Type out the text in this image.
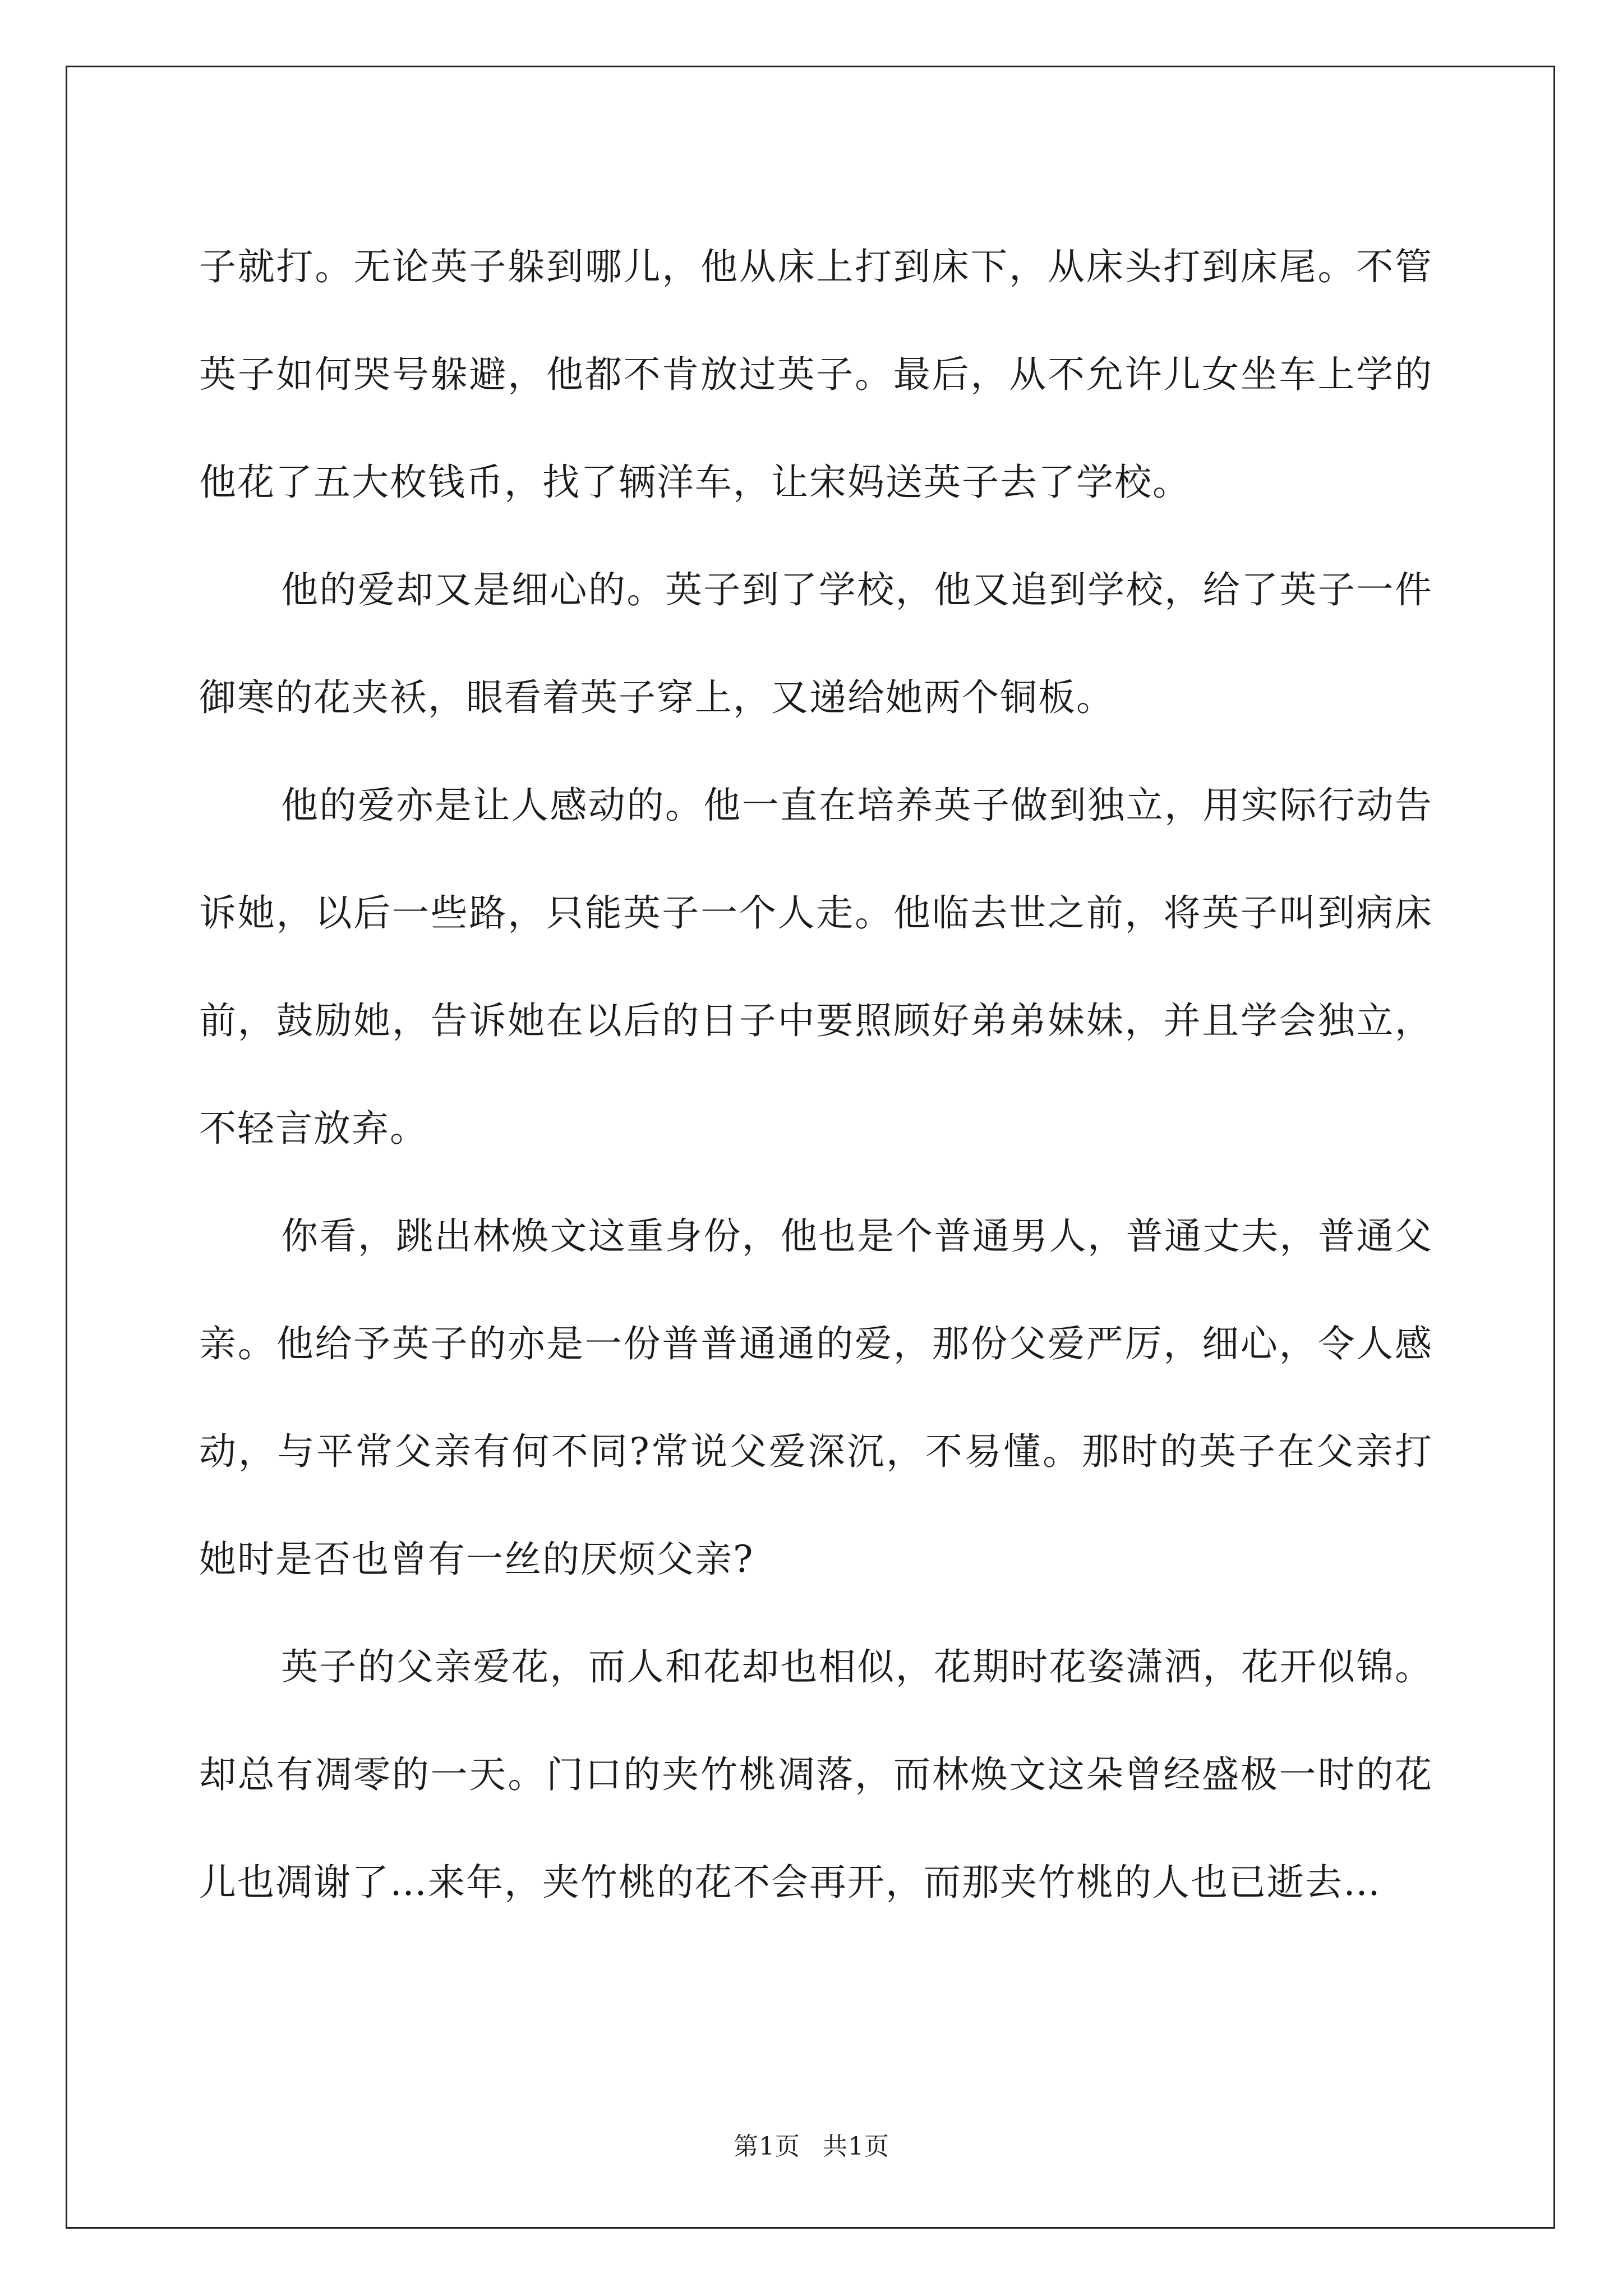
子就打。无论英子躲到哪儿，他从床上打到床下，从床头打到床尾。不管英子如何哭号躲避，他都不肯放过英子。最后，从不允许儿女坐车上学的他花了五大枚钱币，找了辆洋车，让宋妈送英子去了学校。

他的爱却又是细心的。英子到了学校，他又追到学校，给了英子一件御寒的花夹袄，眼看着英子穿上，又递给她两个铜板。

他的爱亦是让人感动的。他一直在培养英子做到独立，用实际行动告诉她，以后一些路，只能英子一个人走。他临去世之前，将英子叫到病床前，鼓励她，告诉她在以后的日子中要照顾好弟弟妹妹，并且学会独立，不轻言放弃。

你看，跳出林焕文这重身份，他也是个普通男人，普通丈夫，普通父亲。他给予英子的亦是一份普普通通的爱，那份父爱严厉，细心，令人感动，与平常父亲有何不同?常说父爱深沉，不易懂。那时的英子在父亲打她时是否也曾有一丝的厌烦父亲?

英子的父亲爱花，而人和花却也相似，花期时花姿潇洒，花开似锦。却总有凋零的一天。门口的夹竹桃凋落，而林焕文这朵曾经盛极一时的花儿也凋谢了…来年，夹竹桃的花不会再开，而那夹竹桃的人也已逝去…

第1页 共1页
